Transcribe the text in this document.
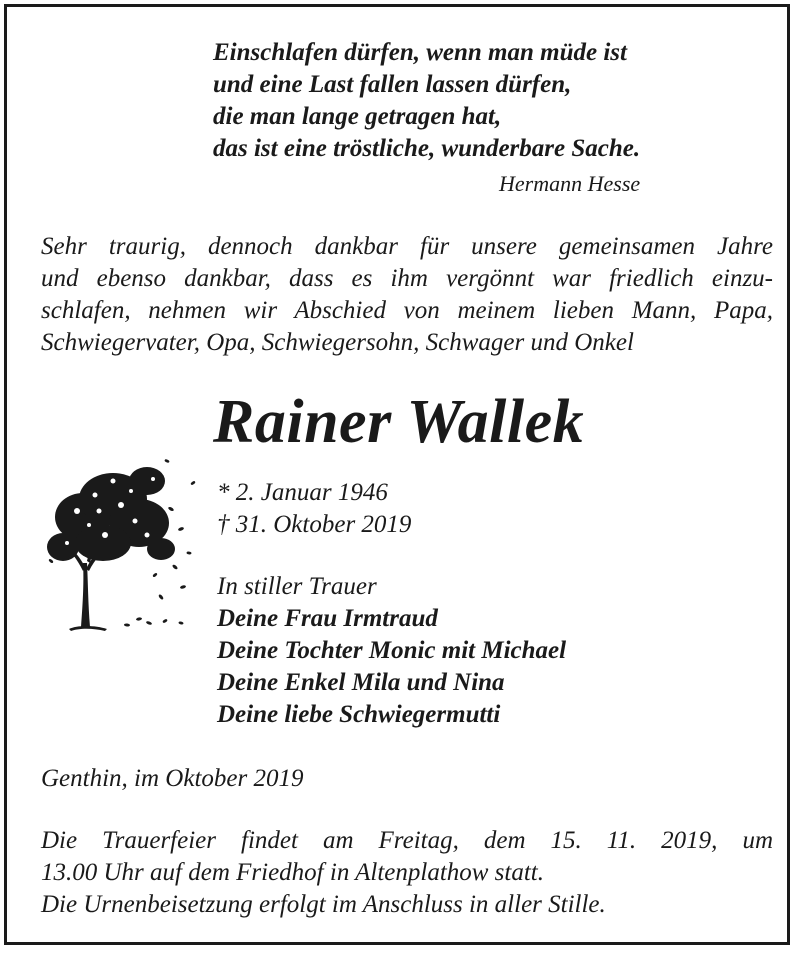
Einschlafen dürfen, wenn man müde ist
und eine Last fallen lassen dürfen,
die man lange getragen hat,
das ist eine tröstliche, wunderbare Sache.
Hermann Hesse
Sehr traurig, dennoch dankbar für unsere gemeinsamen Jahre
und ebenso dankbar, dass es ihm vergönnt war friedlich einzu-
schlafen, nehmen wir Abschied von meinem lieben Mann, Papa,
Schwiegervater, Opa, Schwiegersohn, Schwager und Onkel
Rainer Wallek
* 2. Januar 1946
† 31. Oktober 2019
In stiller Trauer
Deine Frau Irmtraud
Deine Tochter Monic mit Michael
Deine Enkel Mila und Nina
Deine liebe Schwiegermutti
Genthin, im Oktober 2019
Die Trauerfeier findet am Freitag, dem 15. 11. 2019, um
13.00 Uhr auf dem Friedhof in Altenplathow statt.
Die Urnenbeisetzung erfolgt im Anschluss in aller Stille.
